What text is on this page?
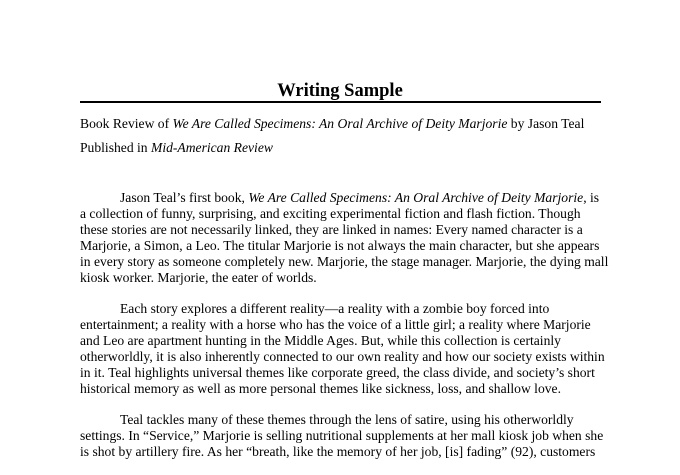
Writing Sample
Book Review of We Are Called Specimens: An Oral Archive of Deity Marjorie by Jason Teal
Published in Mid-American Review

Jason Teal’s first book, We Are Called Specimens: An Oral Archive of Deity Marjorie, is
a collection of funny, surprising, and exciting experimental fiction and flash fiction. Though
these stories are not necessarily linked, they are linked in names: Every named character is a
Marjorie, a Simon, a Leo. The titular Marjorie is not always the main character, but she appears
in every story as someone completely new. Marjorie, the stage manager. Marjorie, the dying mall
kiosk worker. Marjorie, the eater of worlds.

Each story explores a different reality—a reality with a zombie boy forced into
entertainment; a reality with a horse who has the voice of a little girl; a reality where Marjorie
and Leo are apartment hunting in the Middle Ages. But, while this collection is certainly
otherworldly, it is also inherently connected to our own reality and how our society exists within
in it. Teal highlights universal themes like corporate greed, the class divide, and society’s short
historical memory as well as more personal themes like sickness, loss, and shallow love.

Teal tackles many of these themes through the lens of satire, using his otherworldly
settings. In “Service,” Marjorie is selling nutritional supplements at her mall kiosk job when she
is shot by artillery fire. As her “breath, like the memory of her job, [is] fading” (92), customers
